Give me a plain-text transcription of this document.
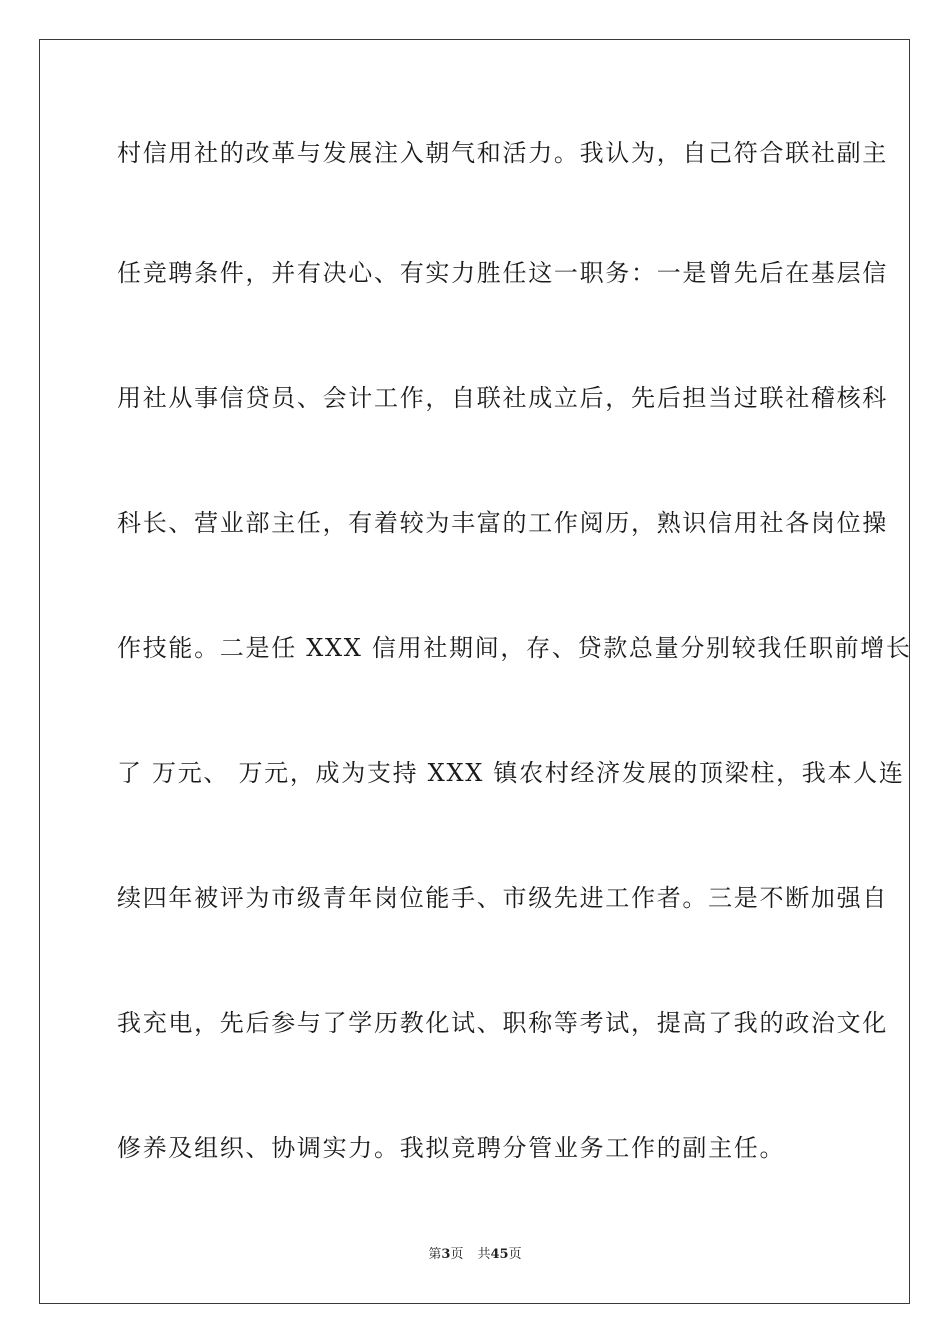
村信用社的改革与发展注入朝气和活力。我认为，自己符合联社副主
任竞聘条件，并有决心、有实力胜任这一职务：一是曾先后在基层信
用社从事信贷员、会计工作，自联社成立后，先后担当过联社稽核科
科长、营业部主任，有着较为丰富的工作阅历，熟识信用社各岗位操
作技能。二是任 XXX 信用社期间，存、贷款总量分别较我任职前增长
了 万元、 万元，成为支持 XXX 镇农村经济发展的顶梁柱，我本人连
续四年被评为市级青年岗位能手、市级先进工作者。三是不断加强自
我充电，先后参与了学历教化试、职称等考试，提高了我的政治文化
修养及组织、协调实力。我拟竞聘分管业务工作的副主任。
第3页 共45页
